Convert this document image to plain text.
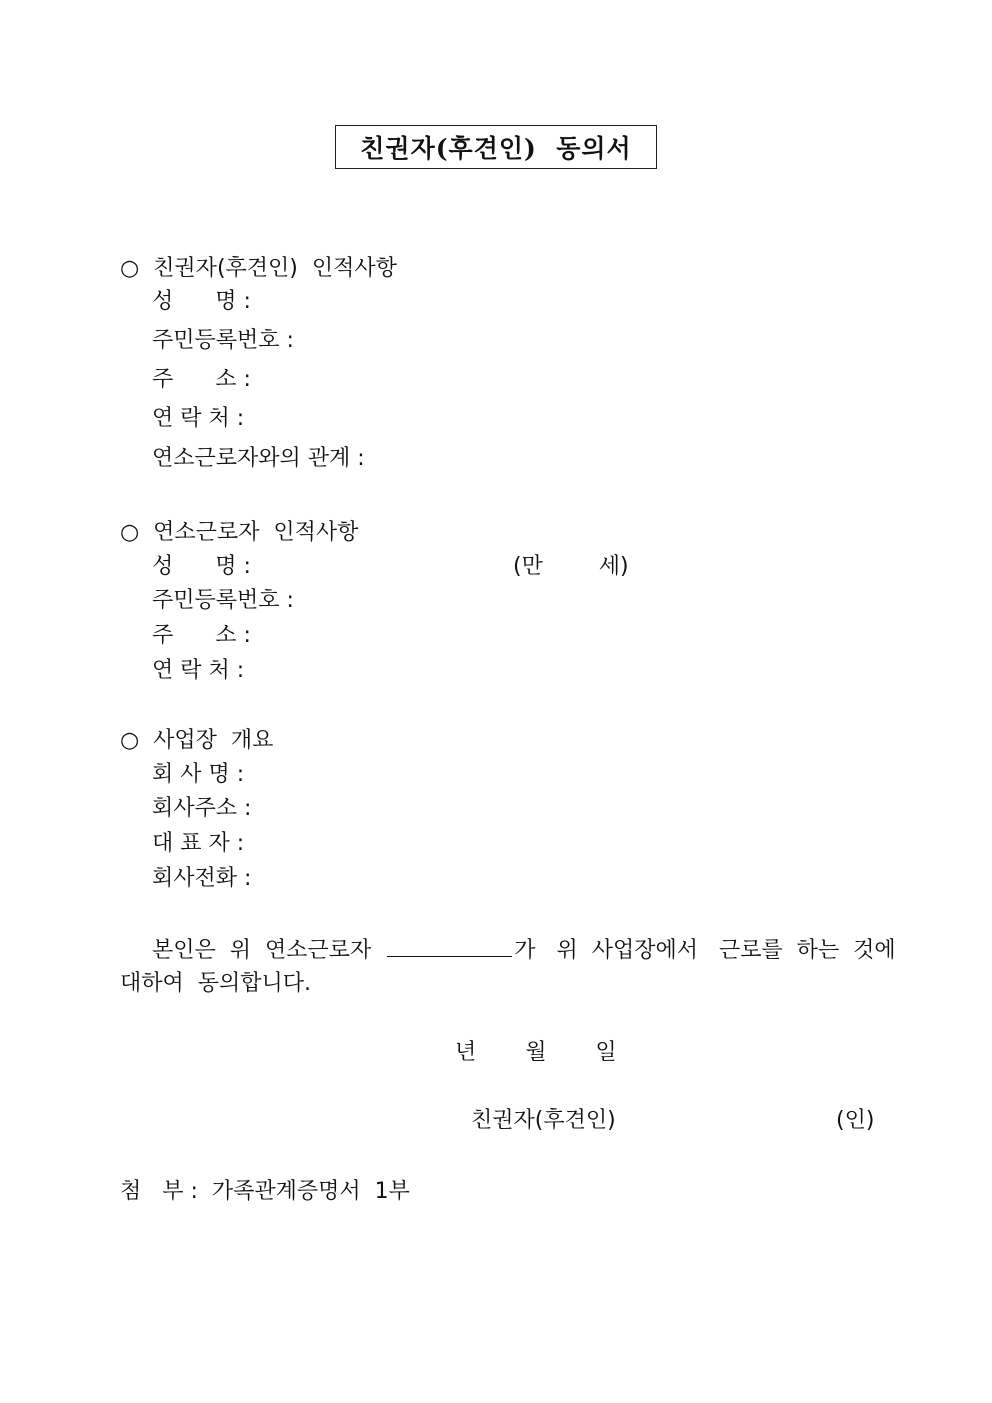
친권자(후견인)  동의서
○  친권자(후견인)  인적사항
성      명 :
주민등록번호 :
주      소 :
연 락 처 :
연소근로자와의 관계 :
○  연소근로자  인적사항
성      명 :	(만        세)
주민등록번호 :
주      소 :
연 락 처 :
○  사업장  개요
회 사 명 :
회사주소 :
대 표 자 :
회사전화 :
본인은  위  연소근로자	가   위  사업장에서   근로를  하는  것에
대하여  동의합니다.
년       월       일
친권자(후견인)	(인)
첨   부 :  가족관계증명서  1부
